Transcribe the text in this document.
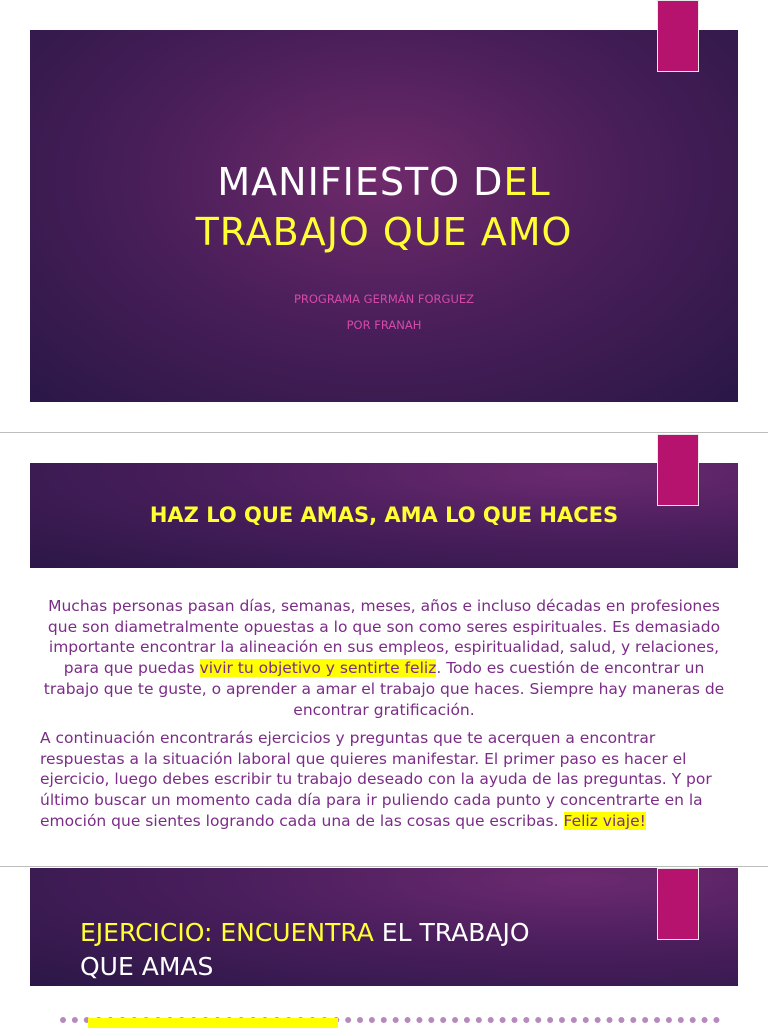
MANIFIESTO DEL
TRABAJO QUE AMO
PROGRAMA GERMÁN FORGUEZ
POR FRANAH
HAZ LO QUE AMAS, AMA LO QUE HACES

Muchas personas pasan días, semanas, meses, años e incluso décadas en profesiones que son diametralmente opuestas a lo que son como seres espirituales. Es demasiado importante encontrar la alineación en sus empleos, espiritualidad, salud, y relaciones, para que puedas vivir tu objetivo y sentirte feliz. Todo es cuestión de encontrar un trabajo que te guste, o aprender a amar el trabajo que haces. Siempre hay maneras de encontrar gratificación.

A continuación encontrarás ejercicios y preguntas que te acerquen a encontrar respuestas a la situación laboral que quieres manifestar. El primer paso es hacer el ejercicio, luego debes escribir tu trabajo deseado con la ayuda de las preguntas. Y por último buscar un momento cada día para ir puliendo cada punto y concentrarte en la emoción que sientes logrando cada una de las cosas que escribas. Feliz viaje!

EJERCICIO: ENCUENTRA EL TRABAJO
QUE AMAS
